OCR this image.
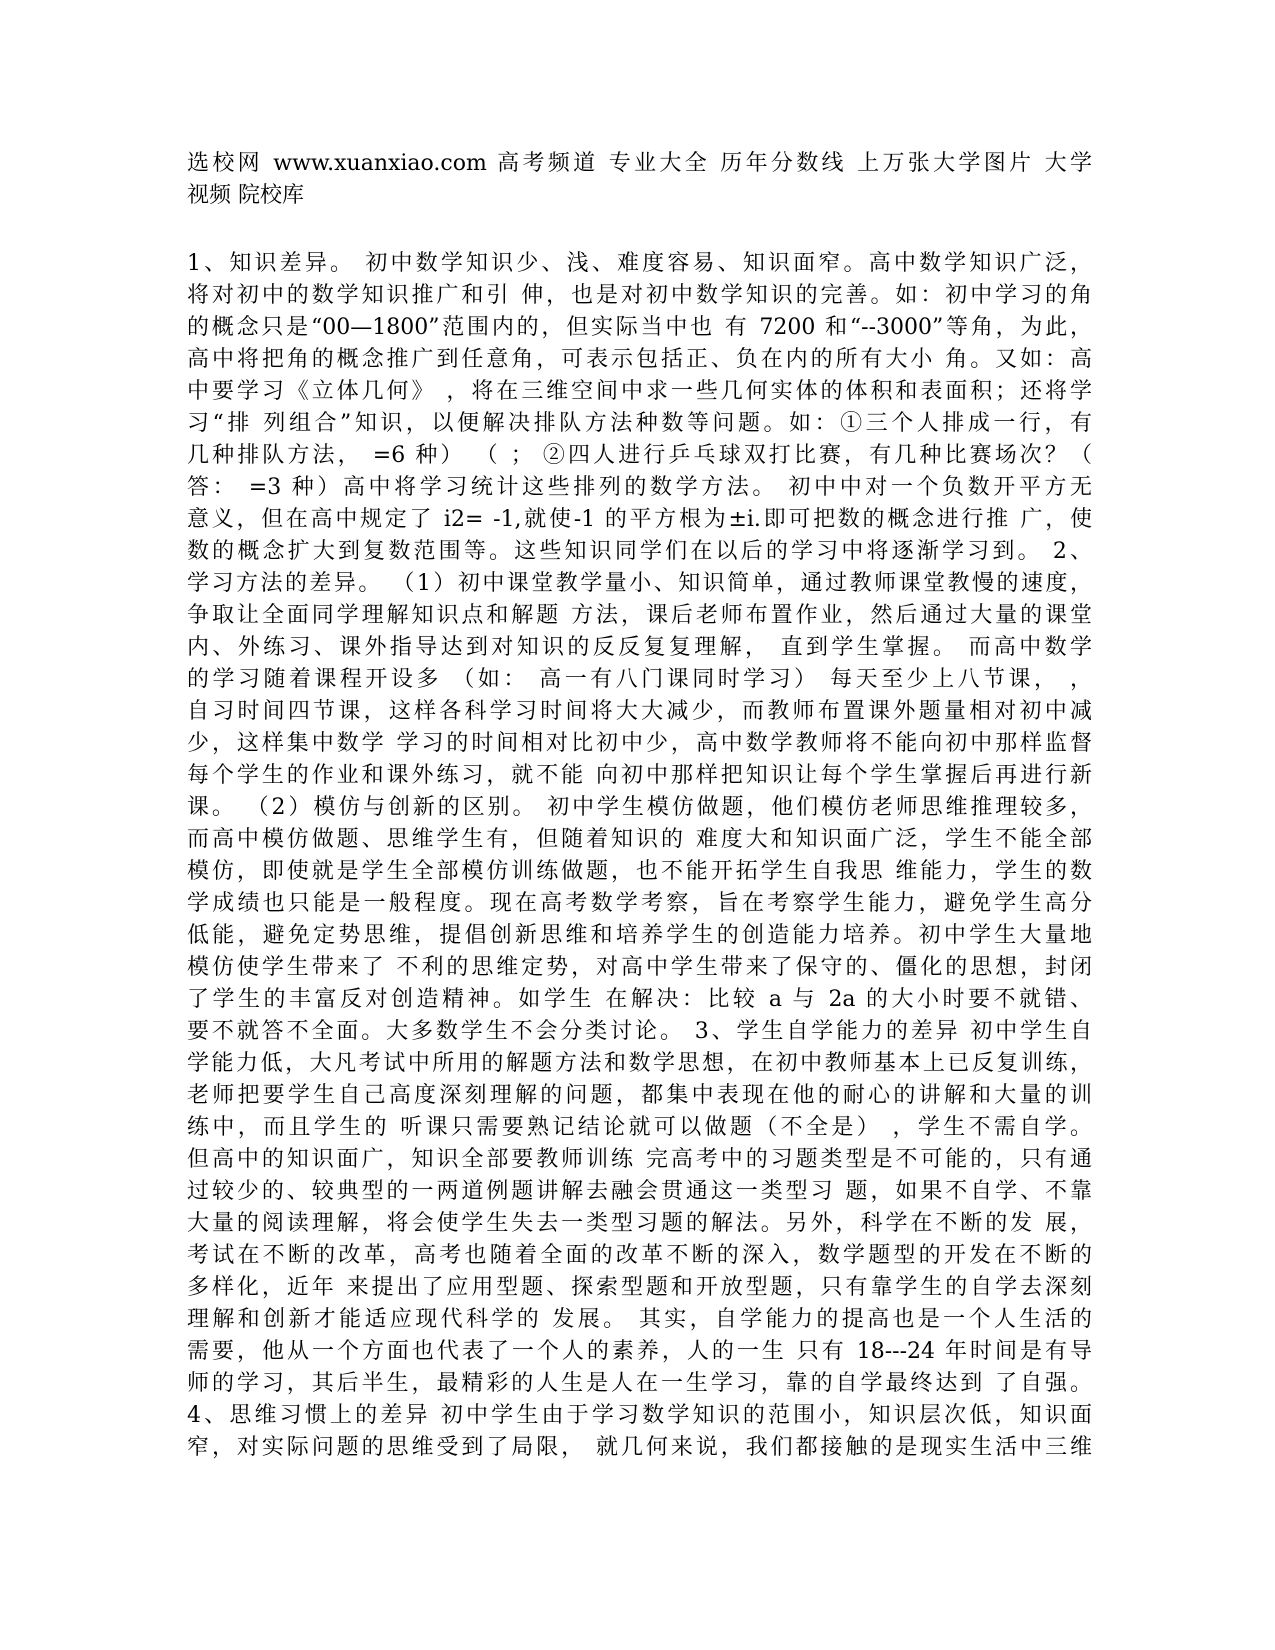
选校网 www.xuanxiao.com 高考频道 专业大全 历年分数线 上万张大学图片 大学
视频 院校库
1、知识差异。 初中数学知识少、浅、难度容易、知识面窄。高中数学知识广泛，
将对初中的数学知识推广和引 伸，也是对初中数学知识的完善。如：初中学习的角
的概念只是“00—1800”范围内的，但实际当中也 有 7200 和“--3000”等角，为此，
高中将把角的概念推广到任意角，可表示包括正、负在内的所有大小 角。又如：高
中要学习《立体几何》 ，将在三维空间中求一些几何实体的体积和表面积；还将学
习“排 列组合”知识，以便解决排队方法种数等问题。如：①三个人排成一行，有
几种排队方法， =6 种） （ ； ②四人进行乒乓球双打比赛，有几种比赛场次？（
答： =3 种）高中将学习统计这些排列的数学方法。 初中中对一个负数开平方无
意义，但在高中规定了 i2= -1,就使-1 的平方根为±i.即可把数的概念进行推 广，使
数的概念扩大到复数范围等。这些知识同学们在以后的学习中将逐渐学习到。 2、
学习方法的差异。 （1）初中课堂教学量小、知识简单，通过教师课堂教慢的速度，
争取让全面同学理解知识点和解题 方法，课后老师布置作业，然后通过大量的课堂
内、外练习、课外指导达到对知识的反反复复理解， 直到学生掌握。 而高中数学
的学习随着课程开设多 （如： 高一有八门课同时学习） 每天至少上八节课， ，
自习时间四节课，这样各科学习时间将大大减少，而教师布置课外题量相对初中减
少，这样集中数学 学习的时间相对比初中少，高中数学教师将不能向初中那样监督
每个学生的作业和课外练习，就不能 向初中那样把知识让每个学生掌握后再进行新
课。 （2）模仿与创新的区别。 初中学生模仿做题，他们模仿老师思维推理较多，
而高中模仿做题、思维学生有，但随着知识的 难度大和知识面广泛，学生不能全部
模仿，即使就是学生全部模仿训练做题，也不能开拓学生自我思 维能力，学生的数
学成绩也只能是一般程度。现在高考数学考察，旨在考察学生能力，避免学生高分
低能，避免定势思维，提倡创新思维和培养学生的创造能力培养。初中学生大量地
模仿使学生带来了 不利的思维定势，对高中学生带来了保守的、僵化的思想，封闭
了学生的丰富反对创造精神。如学生 在解决：比较 a 与 2a 的大小时要不就错、
要不就答不全面。大多数学生不会分类讨论。 3、学生自学能力的差异 初中学生自
学能力低，大凡考试中所用的解题方法和数学思想，在初中教师基本上已反复训练，
老师把要学生自己高度深刻理解的问题，都集中表现在他的耐心的讲解和大量的训
练中，而且学生的 听课只需要熟记结论就可以做题（不全是） ，学生不需自学。
但高中的知识面广，知识全部要教师训练 完高考中的习题类型是不可能的，只有通
过较少的、较典型的一两道例题讲解去融会贯通这一类型习 题，如果不自学、不靠
大量的阅读理解，将会使学生失去一类型习题的解法。另外，科学在不断的发 展，
考试在不断的改革，高考也随着全面的改革不断的深入，数学题型的开发在不断的
多样化，近年 来提出了应用型题、探索型题和开放型题，只有靠学生的自学去深刻
理解和创新才能适应现代科学的 发展。 其实，自学能力的提高也是一个人生活的
需要，他从一个方面也代表了一个人的素养，人的一生 只有 18---24 年时间是有导
师的学习，其后半生，最精彩的人生是人在一生学习，靠的自学最终达到 了自强。
4、思维习惯上的差异 初中学生由于学习数学知识的范围小，知识层次低，知识面
窄，对实际问题的思维受到了局限， 就几何来说，我们都接触的是现实生活中三维
